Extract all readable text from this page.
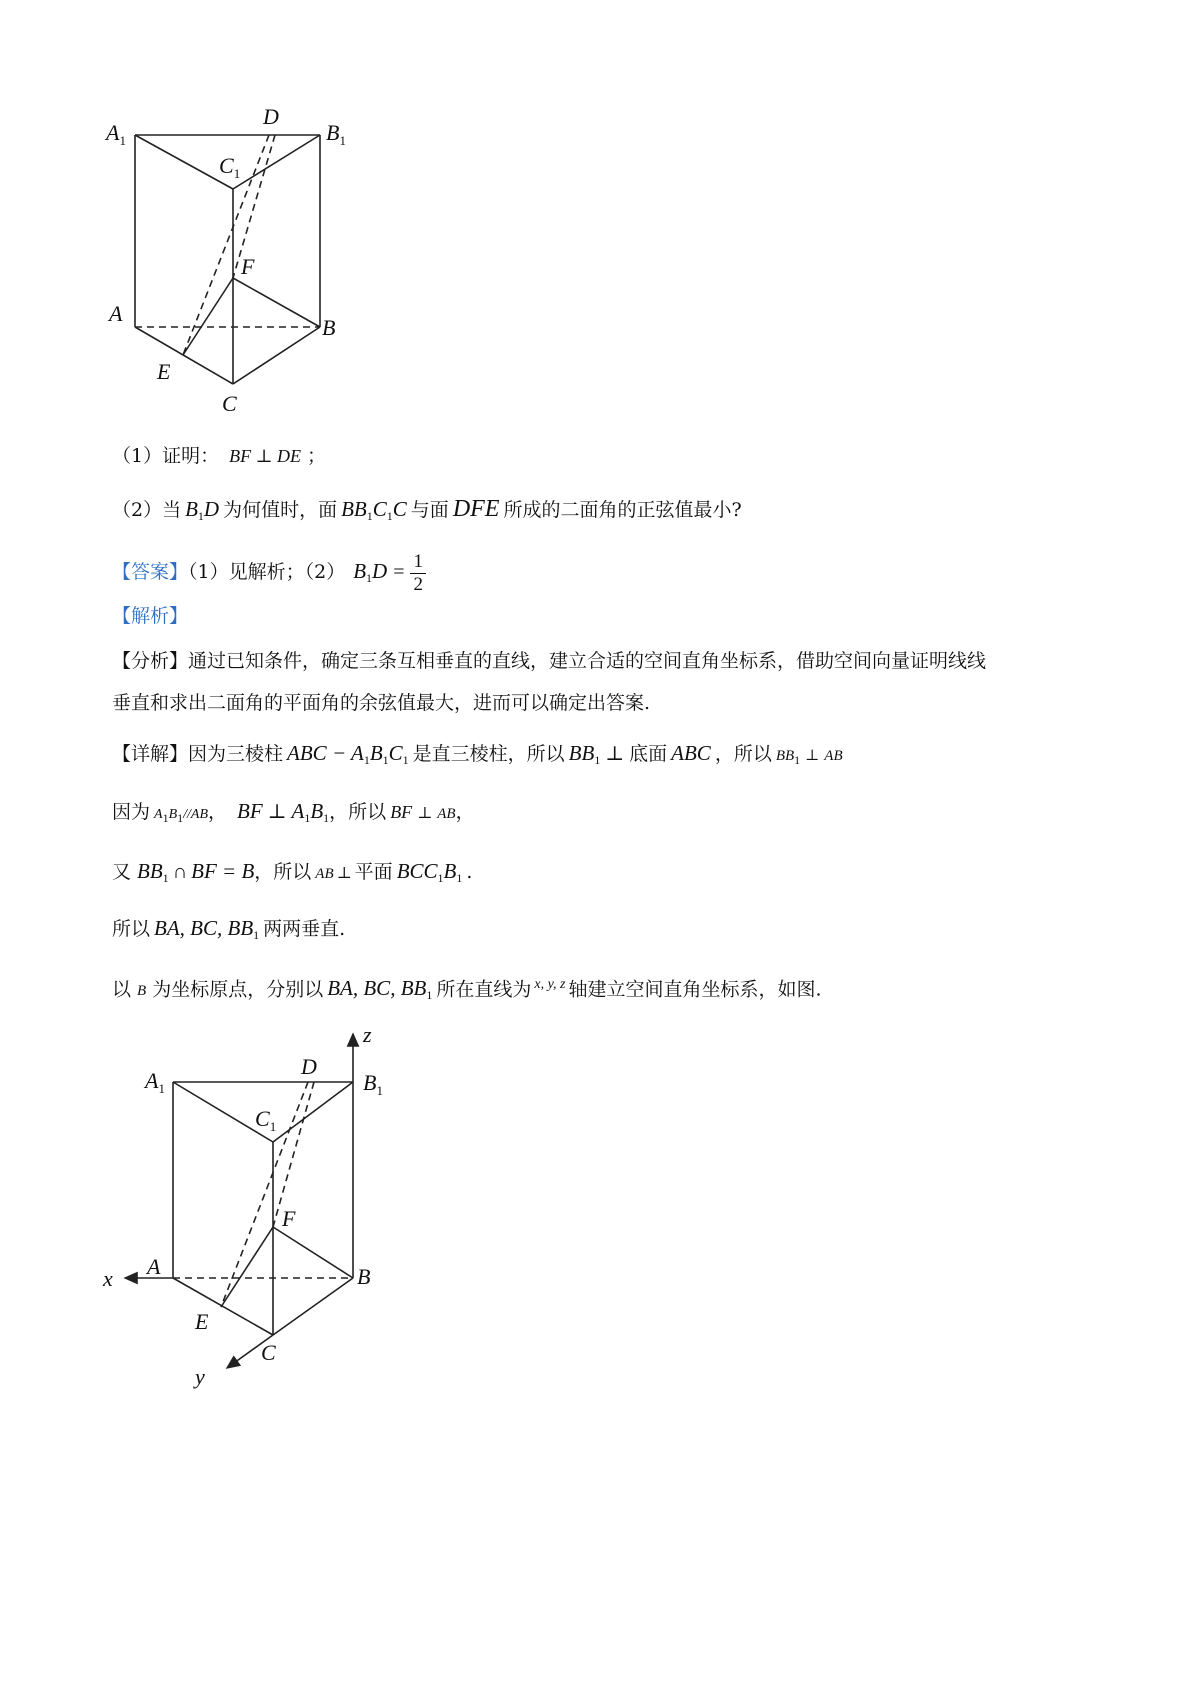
$A_1$
D
$B_1$
$C_1$
F
A
B
E
C
（1）证明： BF ⊥ DE ；
（2）当 $B_1D$ 为何值时，面 $BB_1C_1C$ 与面 DFE 所成的二面角的正弦值最小?
【答案】（1）见解析；（2） $B_1D = \frac{1}{2}$
【解析】
【分析】通过已知条件，确定三条互相垂直的直线，建立合适的空间直角坐标系，借助空间向量证明线线
垂直和求出二面角的平面角的余弦值最大，进而可以确定出答案.
【详解】因为三棱柱 ABC − $A_1B_1C_1$ 是直三棱柱，所以 $BB_1$ ⊥ 底面 ABC ，所以 $BB_1$ ⊥ AB
因为 $A_1B_1//AB$， BF ⊥ $A_1B_1$，所以 BF ⊥ AB，
又 $BB_1$ ∩ BF = B，所以 AB ⊥ 平面 $BCC_1B_1$ .
所以 BA, BC, $BB_1$ 两两垂直.
以 B 为坐标原点，分别以 BA, BC, $BB_1$ 所在直线为 $^{x, y, z}$ 轴建立空间直角坐标系，如图.
z
$A_1$
D
$B_1$
$C_1$
F
x A	B
E
C
y
